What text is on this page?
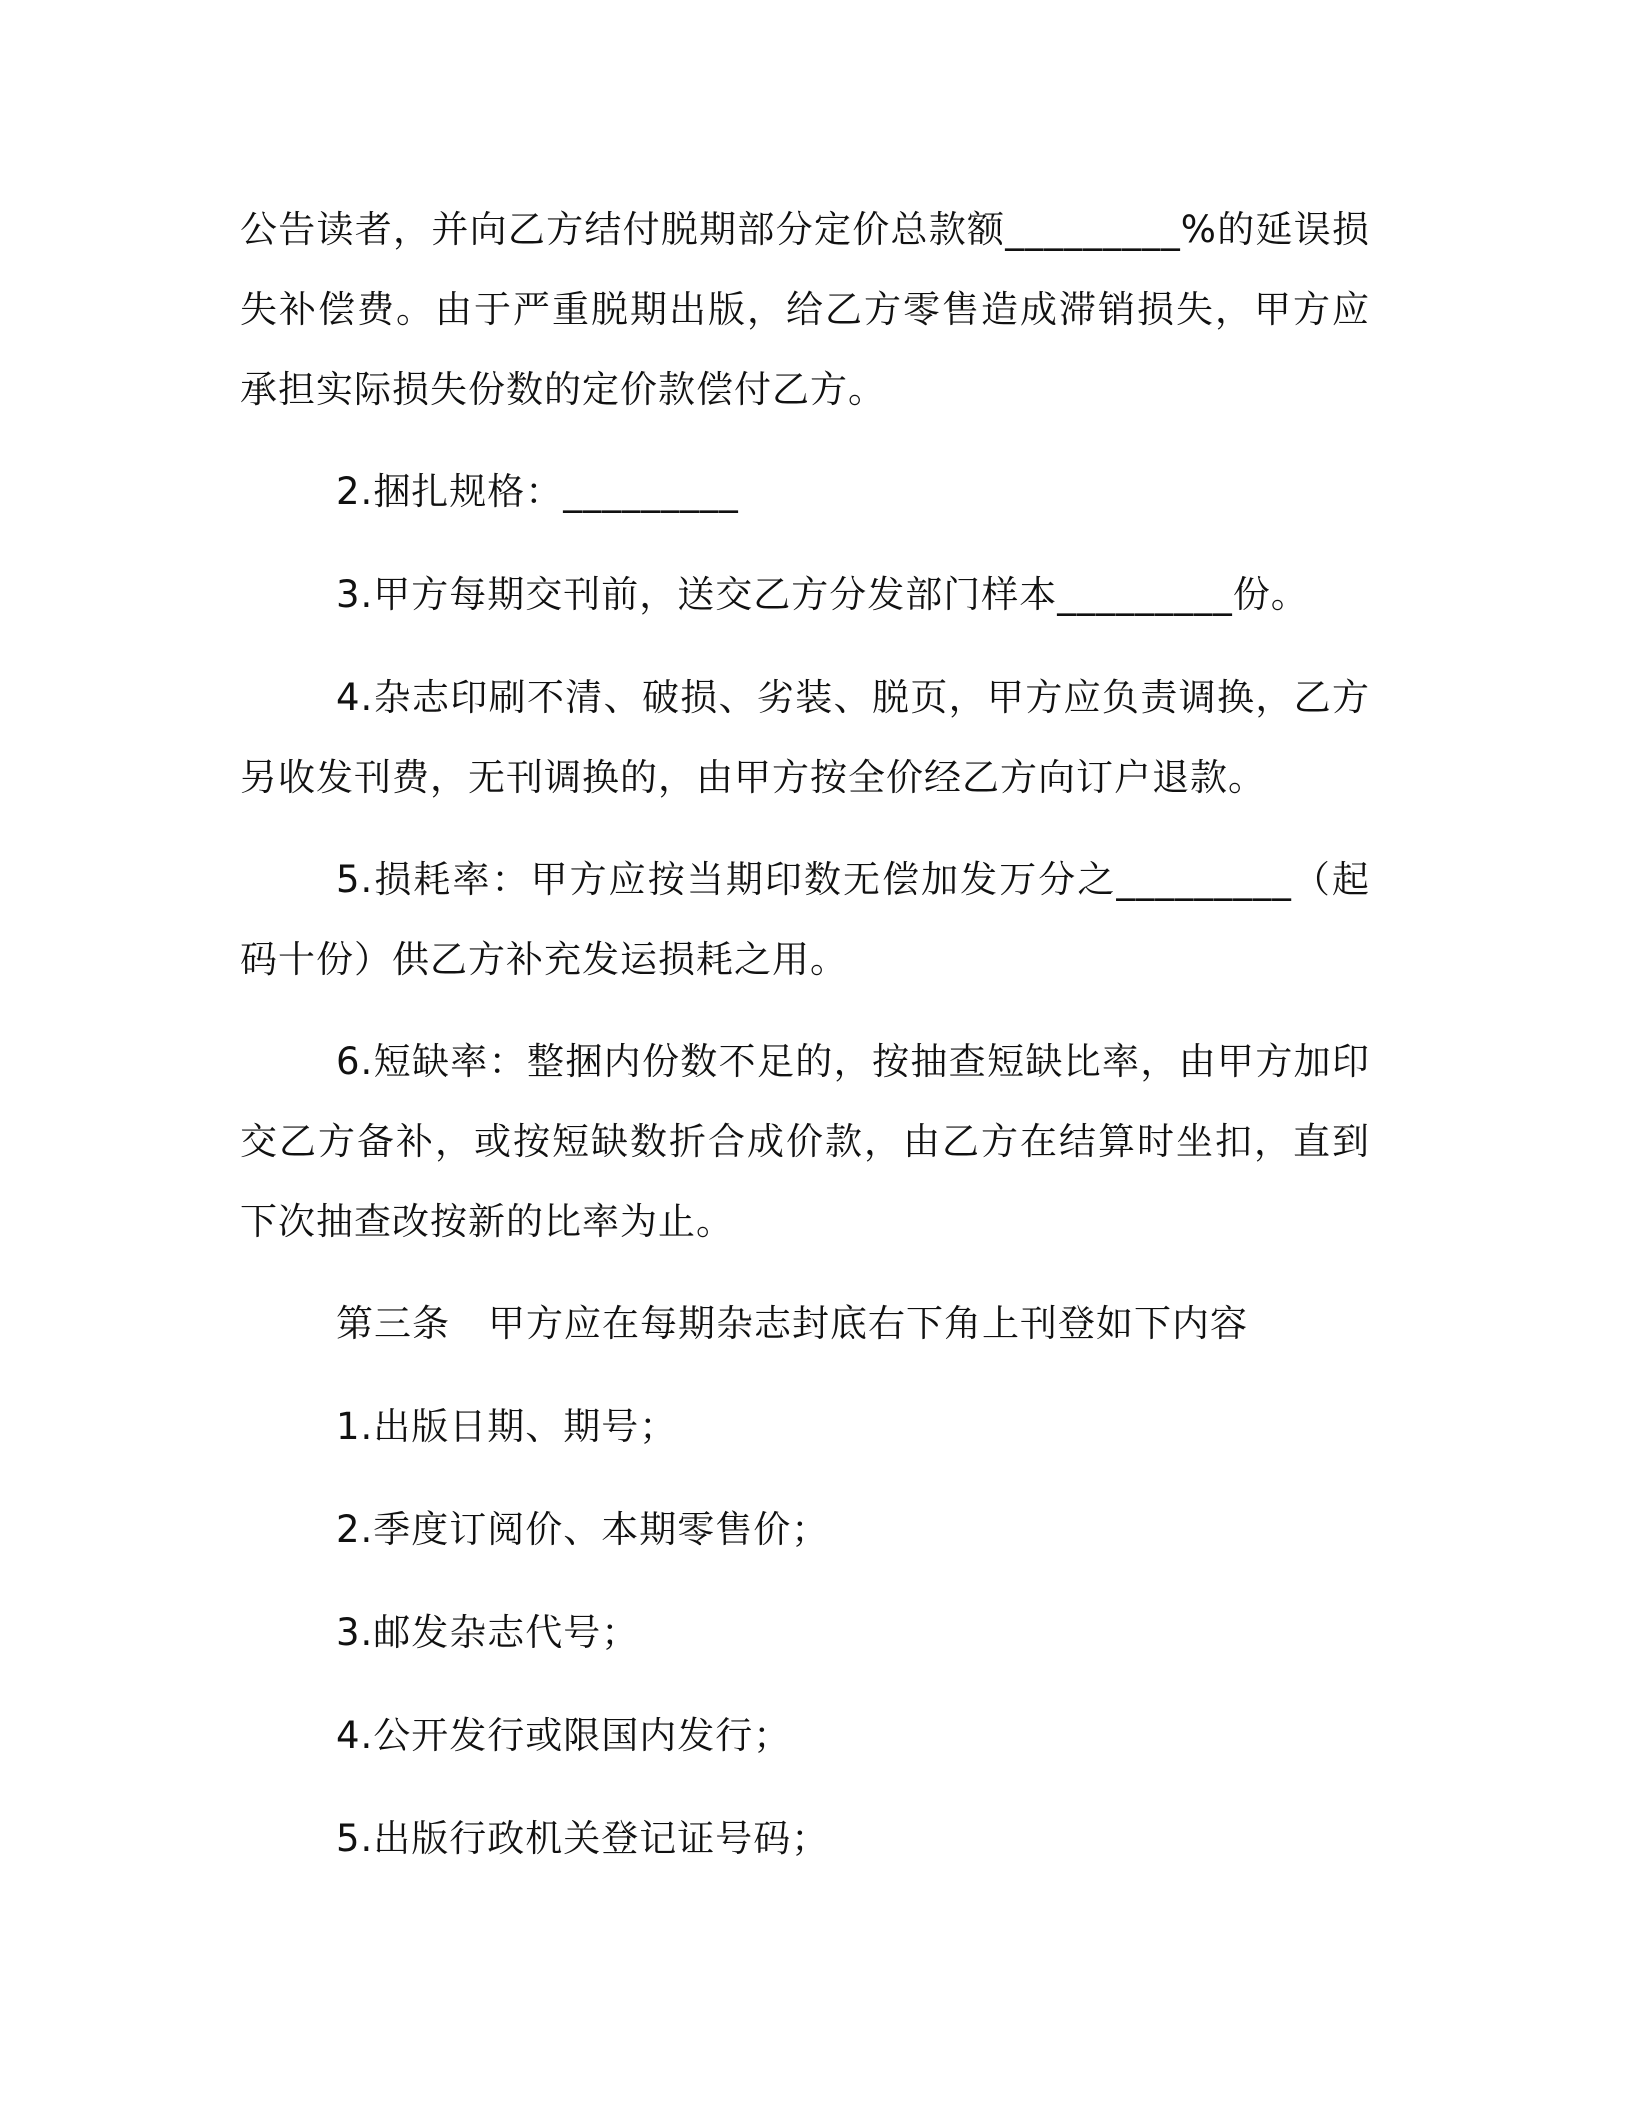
公告读者，并向乙方结付脱期部分定价总款额_________%的延误损失补偿费。由于严重脱期出版，给乙方零售造成滞销损失，甲方应承担实际损失份数的定价款偿付乙方。

2.捆扎规格：_________

3.甲方每期交刊前，送交乙方分发部门样本_________份。

4.杂志印刷不清、破损、劣装、脱页，甲方应负责调换，乙方另收发刊费，无刊调换的，由甲方按全价经乙方向订户退款。

5.损耗率：甲方应按当期印数无偿加发万分之_________（起码十份）供乙方补充发运损耗之用。

6.短缺率：整捆内份数不足的，按抽查短缺比率，由甲方加印交乙方备补，或按短缺数折合成价款，由乙方在结算时坐扣，直到下次抽查改按新的比率为止。

第三条　甲方应在每期杂志封底右下角上刊登如下内容

1.出版日期、期号；

2.季度订阅价、本期零售价；

3.邮发杂志代号；

4.公开发行或限国内发行；

5.出版行政机关登记证号码；
